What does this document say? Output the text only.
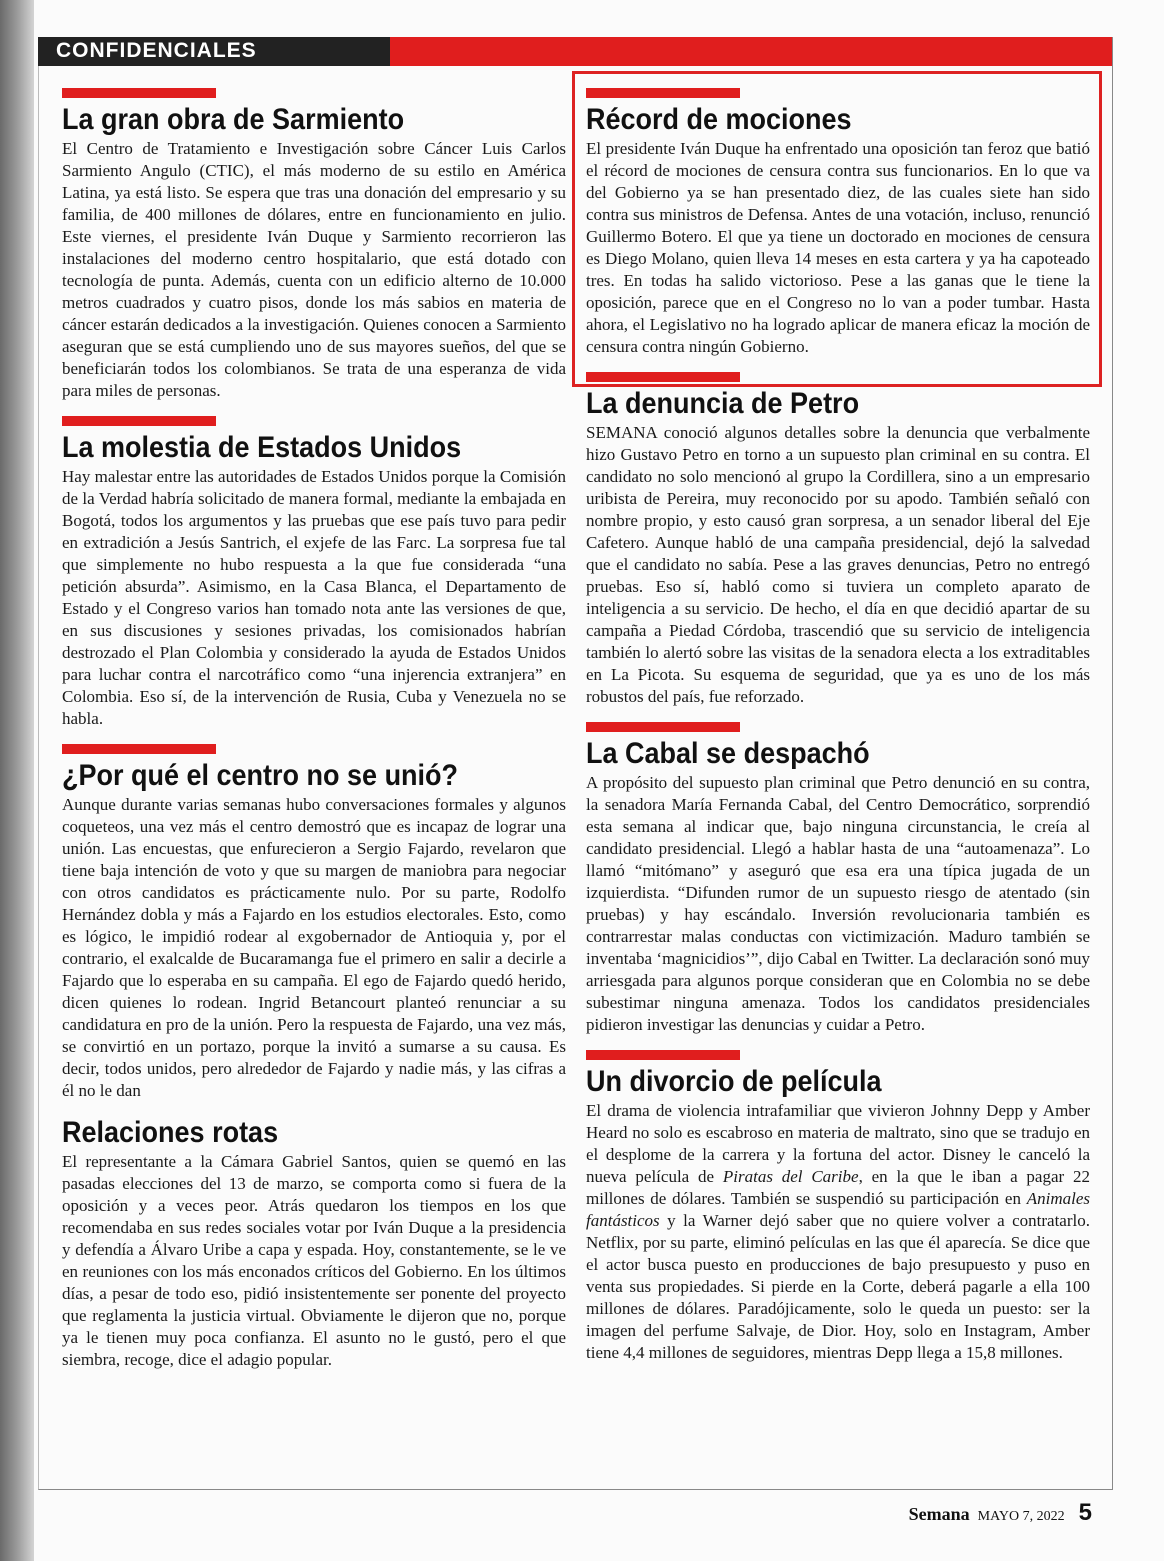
CONFIDENCIALES
La gran obra de Sarmiento

El Centro de Tratamiento e Investigación sobre Cáncer Luis Carlos Sarmiento Angulo (CTIC), el más moderno de su estilo en América Latina, ya está listo. Se espera que tras una donación del empresario y su familia, de 400 millones de dólares, entre en funcionamiento en julio. Este viernes, el presidente Iván Duque y Sarmiento recorrieron las instalaciones del moderno centro hospitalario, que está dotado con tecnología de punta. Además, cuenta con un edificio alterno de 10.000 metros cuadrados y cuatro pisos, donde los más sabios en materia de cáncer estarán dedicados a la investigación. Quienes conocen a Sarmiento aseguran que se está cumpliendo uno de sus mayores sueños, del que se beneficiarán todos los colombianos. Se trata de una esperanza de vida para miles de personas.

La molestia de Estados Unidos

Hay malestar entre las autoridades de Estados Unidos porque la Comisión de la Verdad habría solicitado de manera formal, mediante la embajada en Bogotá, todos los argumentos y las pruebas que ese país tuvo para pedir en extradición a Jesús Santrich, el exjefe de las Farc. La sorpresa fue tal que simplemente no hubo respuesta a la que fue considerada “una petición absurda”. Asimismo, en la Casa Blanca, el Departamento de Estado y el Congreso varios han tomado nota ante las versiones de que, en sus discusiones y sesiones privadas, los comisionados habrían destrozado el Plan Colombia y considerado la ayuda de Estados Unidos para luchar contra el narcotráfico como “una injerencia extranjera” en Colombia. Eso sí, de la intervención de Rusia, Cuba y Venezuela no se habla.

¿Por qué el centro no se unió?

Aunque durante varias semanas hubo conversaciones formales y algunos coqueteos, una vez más el centro demostró que es incapaz de lograr una unión. Las encuestas, que enfurecieron a Sergio Fajardo, revelaron que tiene baja intención de voto y que su margen de maniobra para negociar con otros candidatos es prácticamente nulo. Por su parte, Rodolfo Hernández dobla y más a Fajardo en los estudios electorales. Esto, como es lógico, le impidió rodear al exgobernador de Antioquia y, por el contrario, el exalcalde de Bucaramanga fue el primero en salir a decirle a Fajardo que lo esperaba en su campaña. El ego de Fajardo quedó herido, dicen quienes lo rodean. Ingrid Betancourt planteó renunciar a su candidatura en pro de la unión. Pero la respuesta de Fajardo, una vez más, se convirtió en un portazo, porque la invitó a sumarse a su causa. Es decir, todos unidos, pero alrededor de Fajardo y nadie más, y las cifras a él no le dan

Relaciones rotas

El representante a la Cámara Gabriel Santos, quien se quemó en las pasadas elecciones del 13 de marzo, se comporta como si fuera de la oposición y a veces peor. Atrás quedaron los tiempos en los que recomendaba en sus redes sociales votar por Iván Duque a la presidencia y defendía a Álvaro Uribe a capa y espada. Hoy, constantemente, se le ve en reuniones con los más enconados críticos del Gobierno. En los últimos días, a pesar de todo eso, pidió insistentemente ser ponente del proyecto que reglamenta la justicia virtual. Obviamente le dijeron que no, porque ya le tienen muy poca confianza. El asunto no le gustó, pero el que siembra, recoge, dice el adagio popular.

Récord de mociones

El presidente Iván Duque ha enfrentado una oposición tan feroz que batió el récord de mociones de censura contra sus funcionarios. En lo que va del Gobierno ya se han presentado diez, de las cuales siete han sido contra sus ministros de Defensa. Antes de una votación, incluso, renunció Guillermo Botero. El que ya tiene un doctorado en mociones de censura es Diego Molano, quien lleva 14 meses en esta cartera y ya ha capoteado tres. En todas ha salido victorioso. Pese a las ganas que le tiene la oposición, parece que en el Congreso no lo van a poder tumbar. Hasta ahora, el Legislativo no ha logrado aplicar de manera eficaz la moción de censura contra ningún Gobierno.

La denuncia de Petro

SEMANA conoció algunos detalles sobre la denuncia que verbalmente hizo Gustavo Petro en torno a un supuesto plan criminal en su contra. El candidato no solo mencionó al grupo la Cordillera, sino a un empresario uribista de Pereira, muy reconocido por su apodo. También señaló con nombre propio, y esto causó gran sorpresa, a un senador liberal del Eje Cafetero. Aunque habló de una campaña presidencial, dejó la salvedad que el candidato no sabía. Pese a las graves denuncias, Petro no entregó pruebas. Eso sí, habló como si tuviera un completo aparato de inteligencia a su servicio. De hecho, el día en que decidió apartar de su campaña a Piedad Córdoba, trascendió que su servicio de inteligencia también lo alertó sobre las visitas de la senadora electa a los extraditables en La Picota. Su esquema de seguridad, que ya es uno de los más robustos del país, fue reforzado.

La Cabal se despachó

A propósito del supuesto plan criminal que Petro denunció en su contra, la senadora María Fernanda Cabal, del Centro Democrático, sorprendió esta semana al indicar que, bajo ninguna circunstancia, le creía al candidato presidencial. Llegó a hablar hasta de una “autoamenaza”. Lo llamó “mitómano” y aseguró que esa era una típica jugada de un izquierdista. “Difunden rumor de un supuesto riesgo de atentado (sin pruebas) y hay escándalo. Inversión revolucionaria también es contrarrestar malas conductas con victimización. Maduro también se inventaba ‘magnicidios’”, dijo Cabal en Twitter. La declaración sonó muy arriesgada para algunos porque consideran que en Colombia no se debe subestimar ninguna amenaza. Todos los candidatos presidenciales pidieron investigar las denuncias y cuidar a Petro.

Un divorcio de película

El drama de violencia intrafamiliar que vivieron Johnny Depp y Amber Heard no solo es escabroso en materia de maltrato, sino que se tradujo en el desplome de la carrera y la fortuna del actor. Disney le canceló la nueva película de Piratas del Caribe, en la que le iban a pagar 22 millones de dólares. También se suspendió su participación en Animales fantásticos y la Warner dejó saber que no quiere volver a contratarlo. Netflix, por su parte, eliminó películas en las que él aparecía. Se dice que el actor busca puesto en producciones de bajo presupuesto y puso en venta sus propiedades. Si pierde en la Corte, deberá pagarle a ella 100 millones de dólares. Paradójicamente, solo le queda un puesto: ser la imagen del perfume Salvaje, de Dior. Hoy, solo en Instagram, Amber tiene 4,4 millones de seguidores, mientras Depp llega a 15,8 millones.

Semana MAYO 7, 2022 5
